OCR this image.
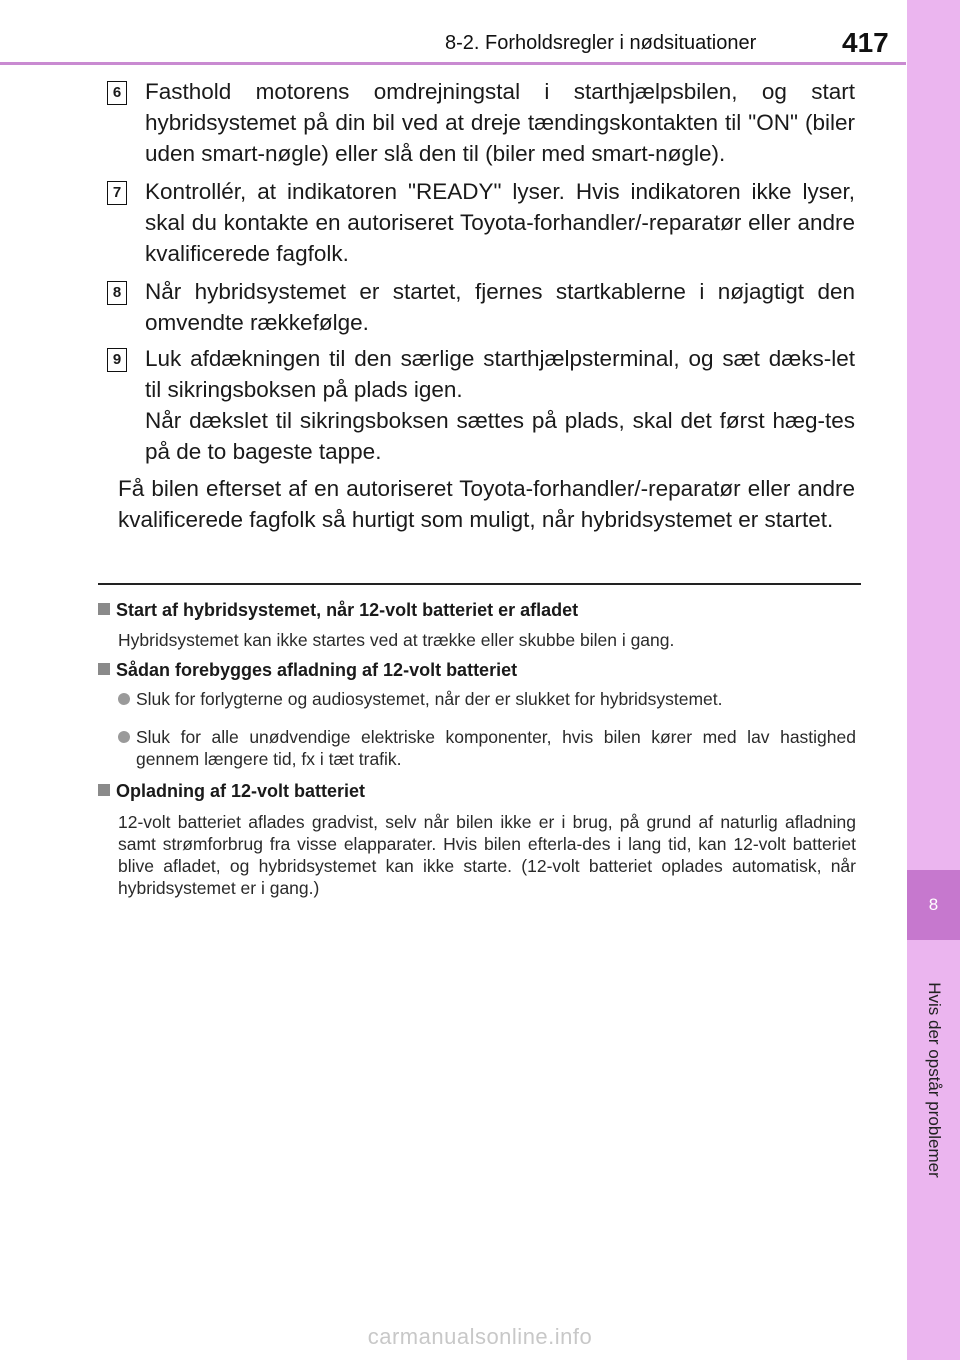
8-2. Forholdsregler i nødsituationer	417
8
Hvis der opstår problemer
6 Fasthold motorens omdrejningstal i starthjælpsbilen, og start hybridsystemet på din bil ved at dreje tændingskontakten til "ON" (biler uden smart-nøgle) eller slå den til (biler med smart-nøgle).
7 Kontrollér, at indikatoren "READY" lyser. Hvis indikatoren ikke lyser, skal du kontakte en autoriseret Toyota-forhandler/-reparatør eller andre kvalificerede fagfolk.
8 Når hybridsystemet er startet, fjernes startkablerne i nøjagtigt den omvendte rækkefølge.
9 Luk afdækningen til den særlige starthjælpsterminal, og sæt dæks-let til sikringsboksen på plads igen.
Når dækslet til sikringsboksen sættes på plads, skal det først hæg-tes på de to bageste tappe.
Få bilen efterset af en autoriseret Toyota-forhandler/-reparatør eller andre kvalificerede fagfolk så hurtigt som muligt, når hybridsystemet er startet.
Start af hybridsystemet, når 12-volt batteriet er afladet
Hybridsystemet kan ikke startes ved at trække eller skubbe bilen i gang.
Sådan forebygges afladning af 12-volt batteriet
Sluk for forlygterne og audiosystemet, når der er slukket for hybridsystemet.
Sluk for alle unødvendige elektriske komponenter, hvis bilen kører med lav hastighed gennem længere tid, fx i tæt trafik.
Opladning af 12-volt batteriet
12-volt batteriet aflades gradvist, selv når bilen ikke er i brug, på grund af naturlig afladning samt strømforbrug fra visse elapparater. Hvis bilen efterla-des i lang tid, kan 12-volt batteriet blive afladet, og hybridsystemet kan ikke starte. (12-volt batteriet oplades automatisk, når hybridsystemet er i gang.)
carmanualsonline.info
